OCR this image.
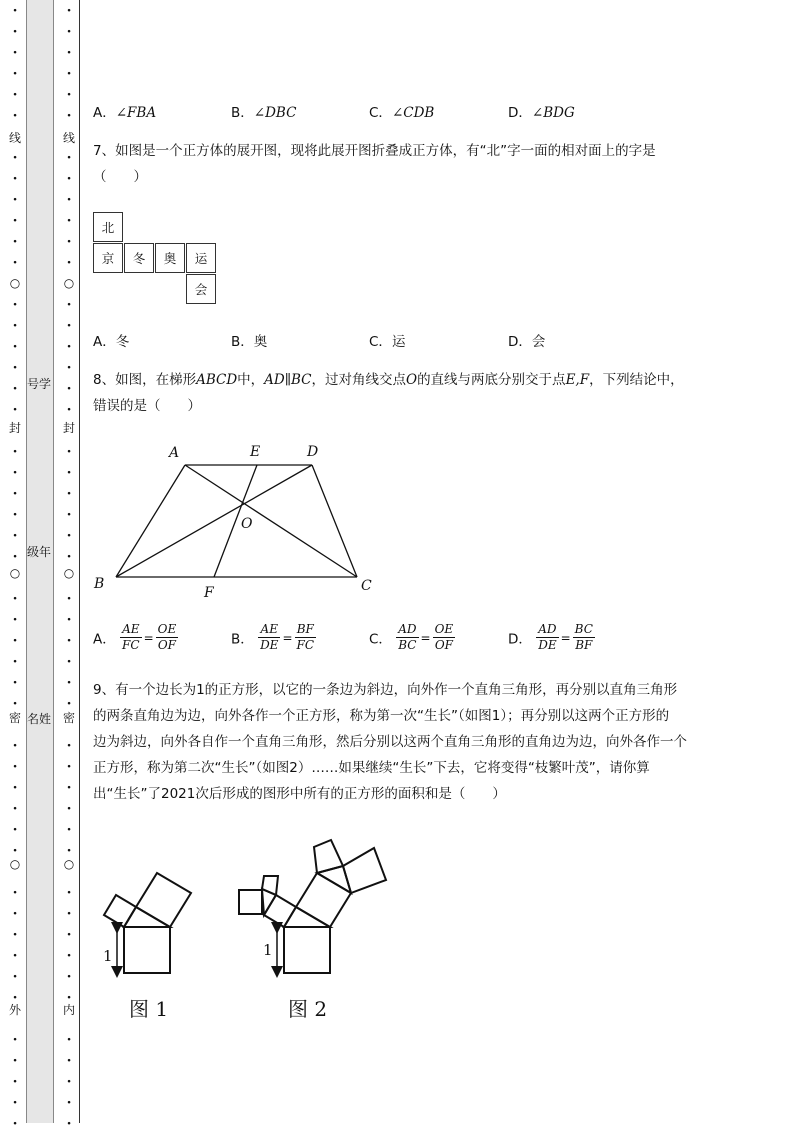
·
·
·
·
·
·
·
·
·
·
·
·
·
·
·
·
·
·
·
·
·
·
·
·
·
·
·
·
·
·
·
·
·
·
·
·
·
·
·
·
·
·
·
·
·
·
·
线
○
封
○
密
○
外
·
·
·
·
·
·
·
·
·
·
·
·
·
·
·
·
·
·
·
·
·
·
·
·
·
·
·
·
·
·
·
·
·
·
·
·
·
·
·
·
·
·
·
·
·
·
·
线
○
封
○
密
○
内
号学
级年
名姓
A．∠FBA	B．∠DBC	C．∠CDB	D．∠BDG
7、如图是一个正方体的展开图，现将此展开图折叠成正方体，有“北”字一面的相对面上的字是
（　　）
北
京	冬	奥	运
会
A．冬	B．奥	C．运	D．会
8、如图，在梯形ABCD中，AD∥BC，过对角线交点O的直线与两底分别交于点E,F，下列结论中，
错误的是（　　）
A	E	D
O
B
F	C
A． $\frac{AE}{FC} = \frac{OE}{OF}$	B． $\frac{AE}{DE} = \frac{BF}{FC}$	C． $\frac{AD}{BC} = \frac{OE}{OF}$	D． $\frac{AD}{DE} = \frac{BC}{BF}$
9、有一个边长为1的正方形，以它的一条边为斜边，向外作一个直角三角形，再分别以直角三角形
的两条直角边为边，向外各作一个正方形，称为第一次“生长”（如图1）；再分别以这两个正方形的
边为斜边，向外各自作一个直角三角形，然后分别以这两个直角三角形的直角边为边，向外各作一个
正方形，称为第二次“生长”（如图2）……如果继续“生长”下去，它将变得“枝繁叶茂”，请你算
出“生长”了2021次后形成的图形中所有的正方形的面积和是（　　）
1
图 1
1
图 2
